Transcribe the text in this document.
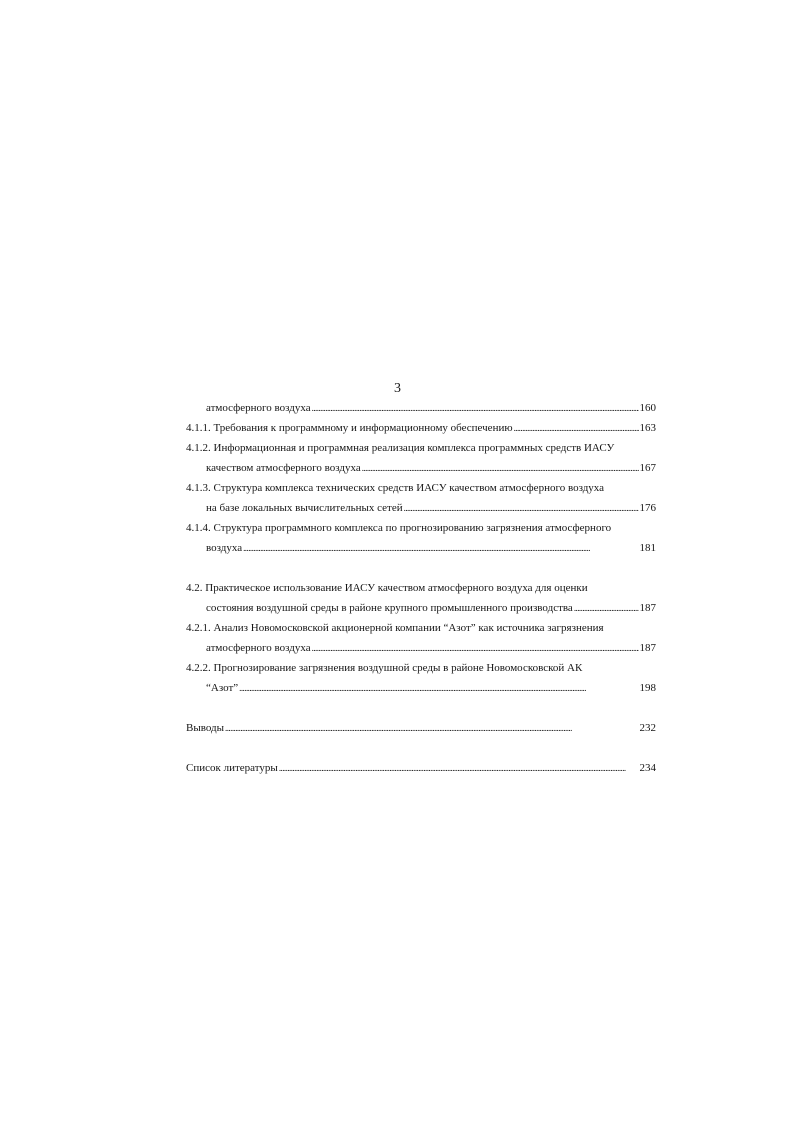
3
атмосферного воздуха . . .	160
4.1.1. Требования к программному и информационному обеспечению . . .	163
4.1.2. Информационная и программная реализация комплекса программных средств ИАСУ
качеством атмосферного воздуха . . .	167
4.1.3. Структура комплекса технических средств ИАСУ качеством атмосферного воздуха
на базе локальных вычислительных сетей . . .	176
4.1.4. Структура программного комплекса по прогнозированию загрязнения атмосферного
воздуха . . .	181
4.2. Практическое использование ИАСУ качеством атмосферного воздуха для оценки
состояния воздушной среды в районе крупного промышленного производства . . .	187
4.2.1. Анализ Новомосковской акционерной компании “Азот” как источника загрязнения
атмосферного воздуха . . .	187
4.2.2. Прогнозирование загрязнения воздушной среды в районе Новомосковской АК
“Азот” . . .	198
Выводы . . .	232
Список литературы . . .	234
